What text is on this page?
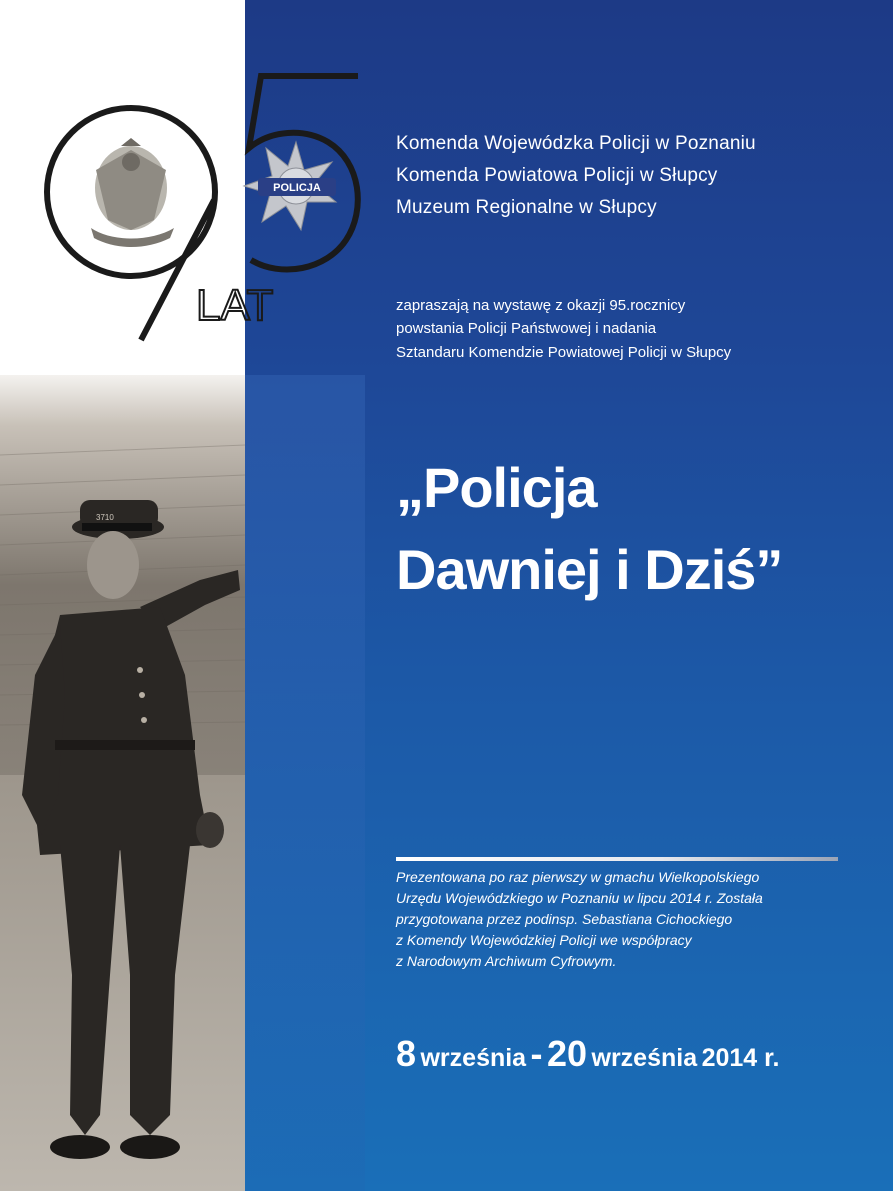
3710
POLICJA
LAT
Komenda Wojewódzka Policji w Poznaniu
Komenda Powiatowa Policji w Słupcy
Muzeum Regionalne w Słupcy
zapraszają na wystawę z okazji 95.rocznicy
powstania Policji Państwowej i nadania
Sztandaru Komendzie Powiatowej Policji w Słupcy
„Policja
Dawniej i Dziś”
Prezentowana po raz pierwszy w gmachu Wielkopolskiego
Urzędu Wojewódzkiego w Poznaniu w lipcu 2014 r. Została
przygotowana przez podinsp. Sebastiana Cichockiego
z Komendy Wojewódzkiej Policji we współpracy
z Narodowym Archiwum Cyfrowym.
8 września - 20 września 2014 r.
